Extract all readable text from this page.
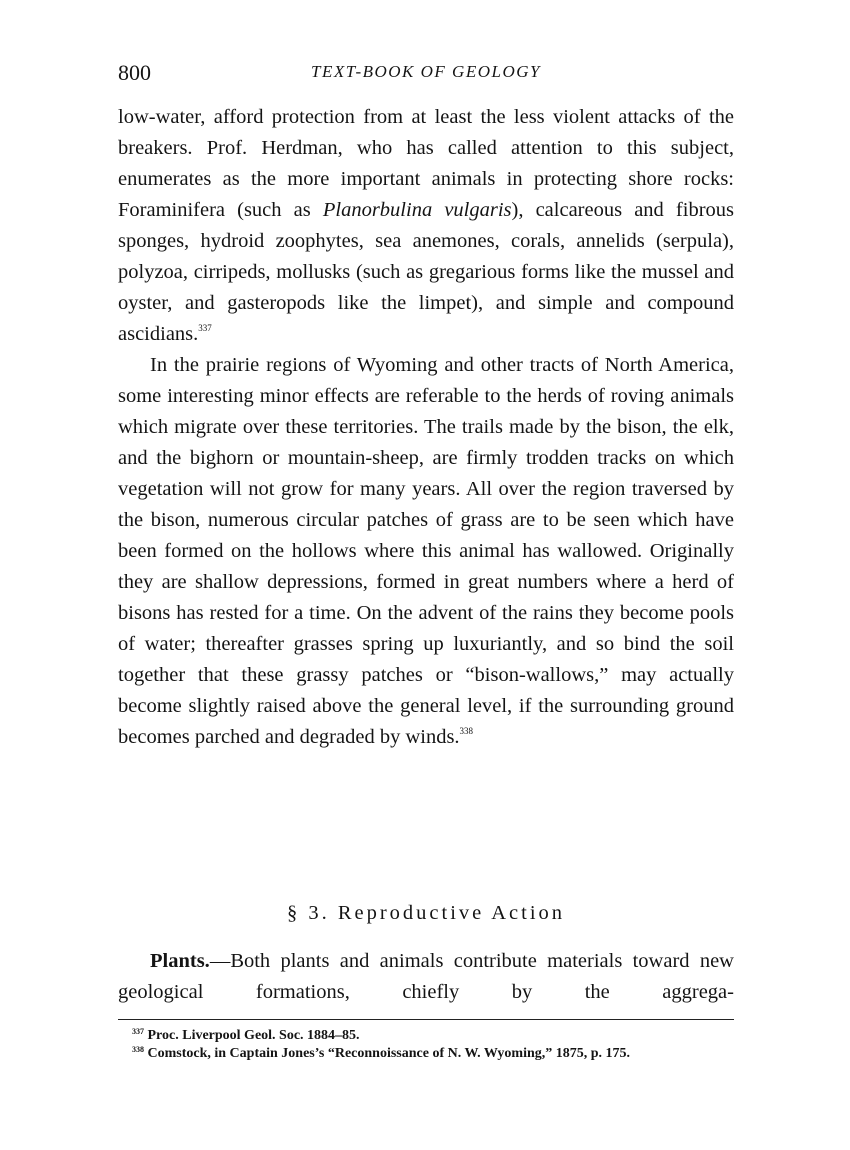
800	TEXT-BOOK OF GEOLOGY

low-water, afford protection from at least the less violent attacks of the breakers. Prof. Herdman, who has called attention to this subject, enumerates as the more important animals in protecting shore rocks: Foraminifera (such as Planorbulina vulgaris), calcareous and fibrous sponges, hydroid zoophytes, sea anemones, corals, annelids (serpula), polyzoa, cirripeds, mollusks (such as gregarious forms like the mussel and oyster, and gasteropods like the limpet), and simple and compound ascidians.$^{337}$

In the prairie regions of Wyoming and other tracts of North America, some interesting minor effects are referable to the herds of roving animals which migrate over these territories. The trails made by the bison, the elk, and the bighorn or mountain-sheep, are firmly trodden tracks on which vegetation will not grow for many years. All over the region traversed by the bison, numerous circular patches of grass are to be seen which have been formed on the hollows where this animal has wallowed. Originally they are shallow depressions, formed in great numbers where a herd of bisons has rested for a time. On the advent of the rains they become pools of water; thereafter grasses spring up luxuriantly, and so bind the soil together that these grassy patches or “bison-wallows,” may actually become slightly raised above the general level, if the surrounding ground becomes parched and degraded by winds.$^{338}$

§ 3. Reproductive Action

Plants.—Both plants and animals contribute materials toward new geological formations, chiefly by the aggrega-

$^{337}$ Proc. Liverpool Geol. Soc. 1884–85.

$^{338}$ Comstock, in Captain Jones’s “Reconnoissance of N. W. Wyoming,” 1875, p. 175.
